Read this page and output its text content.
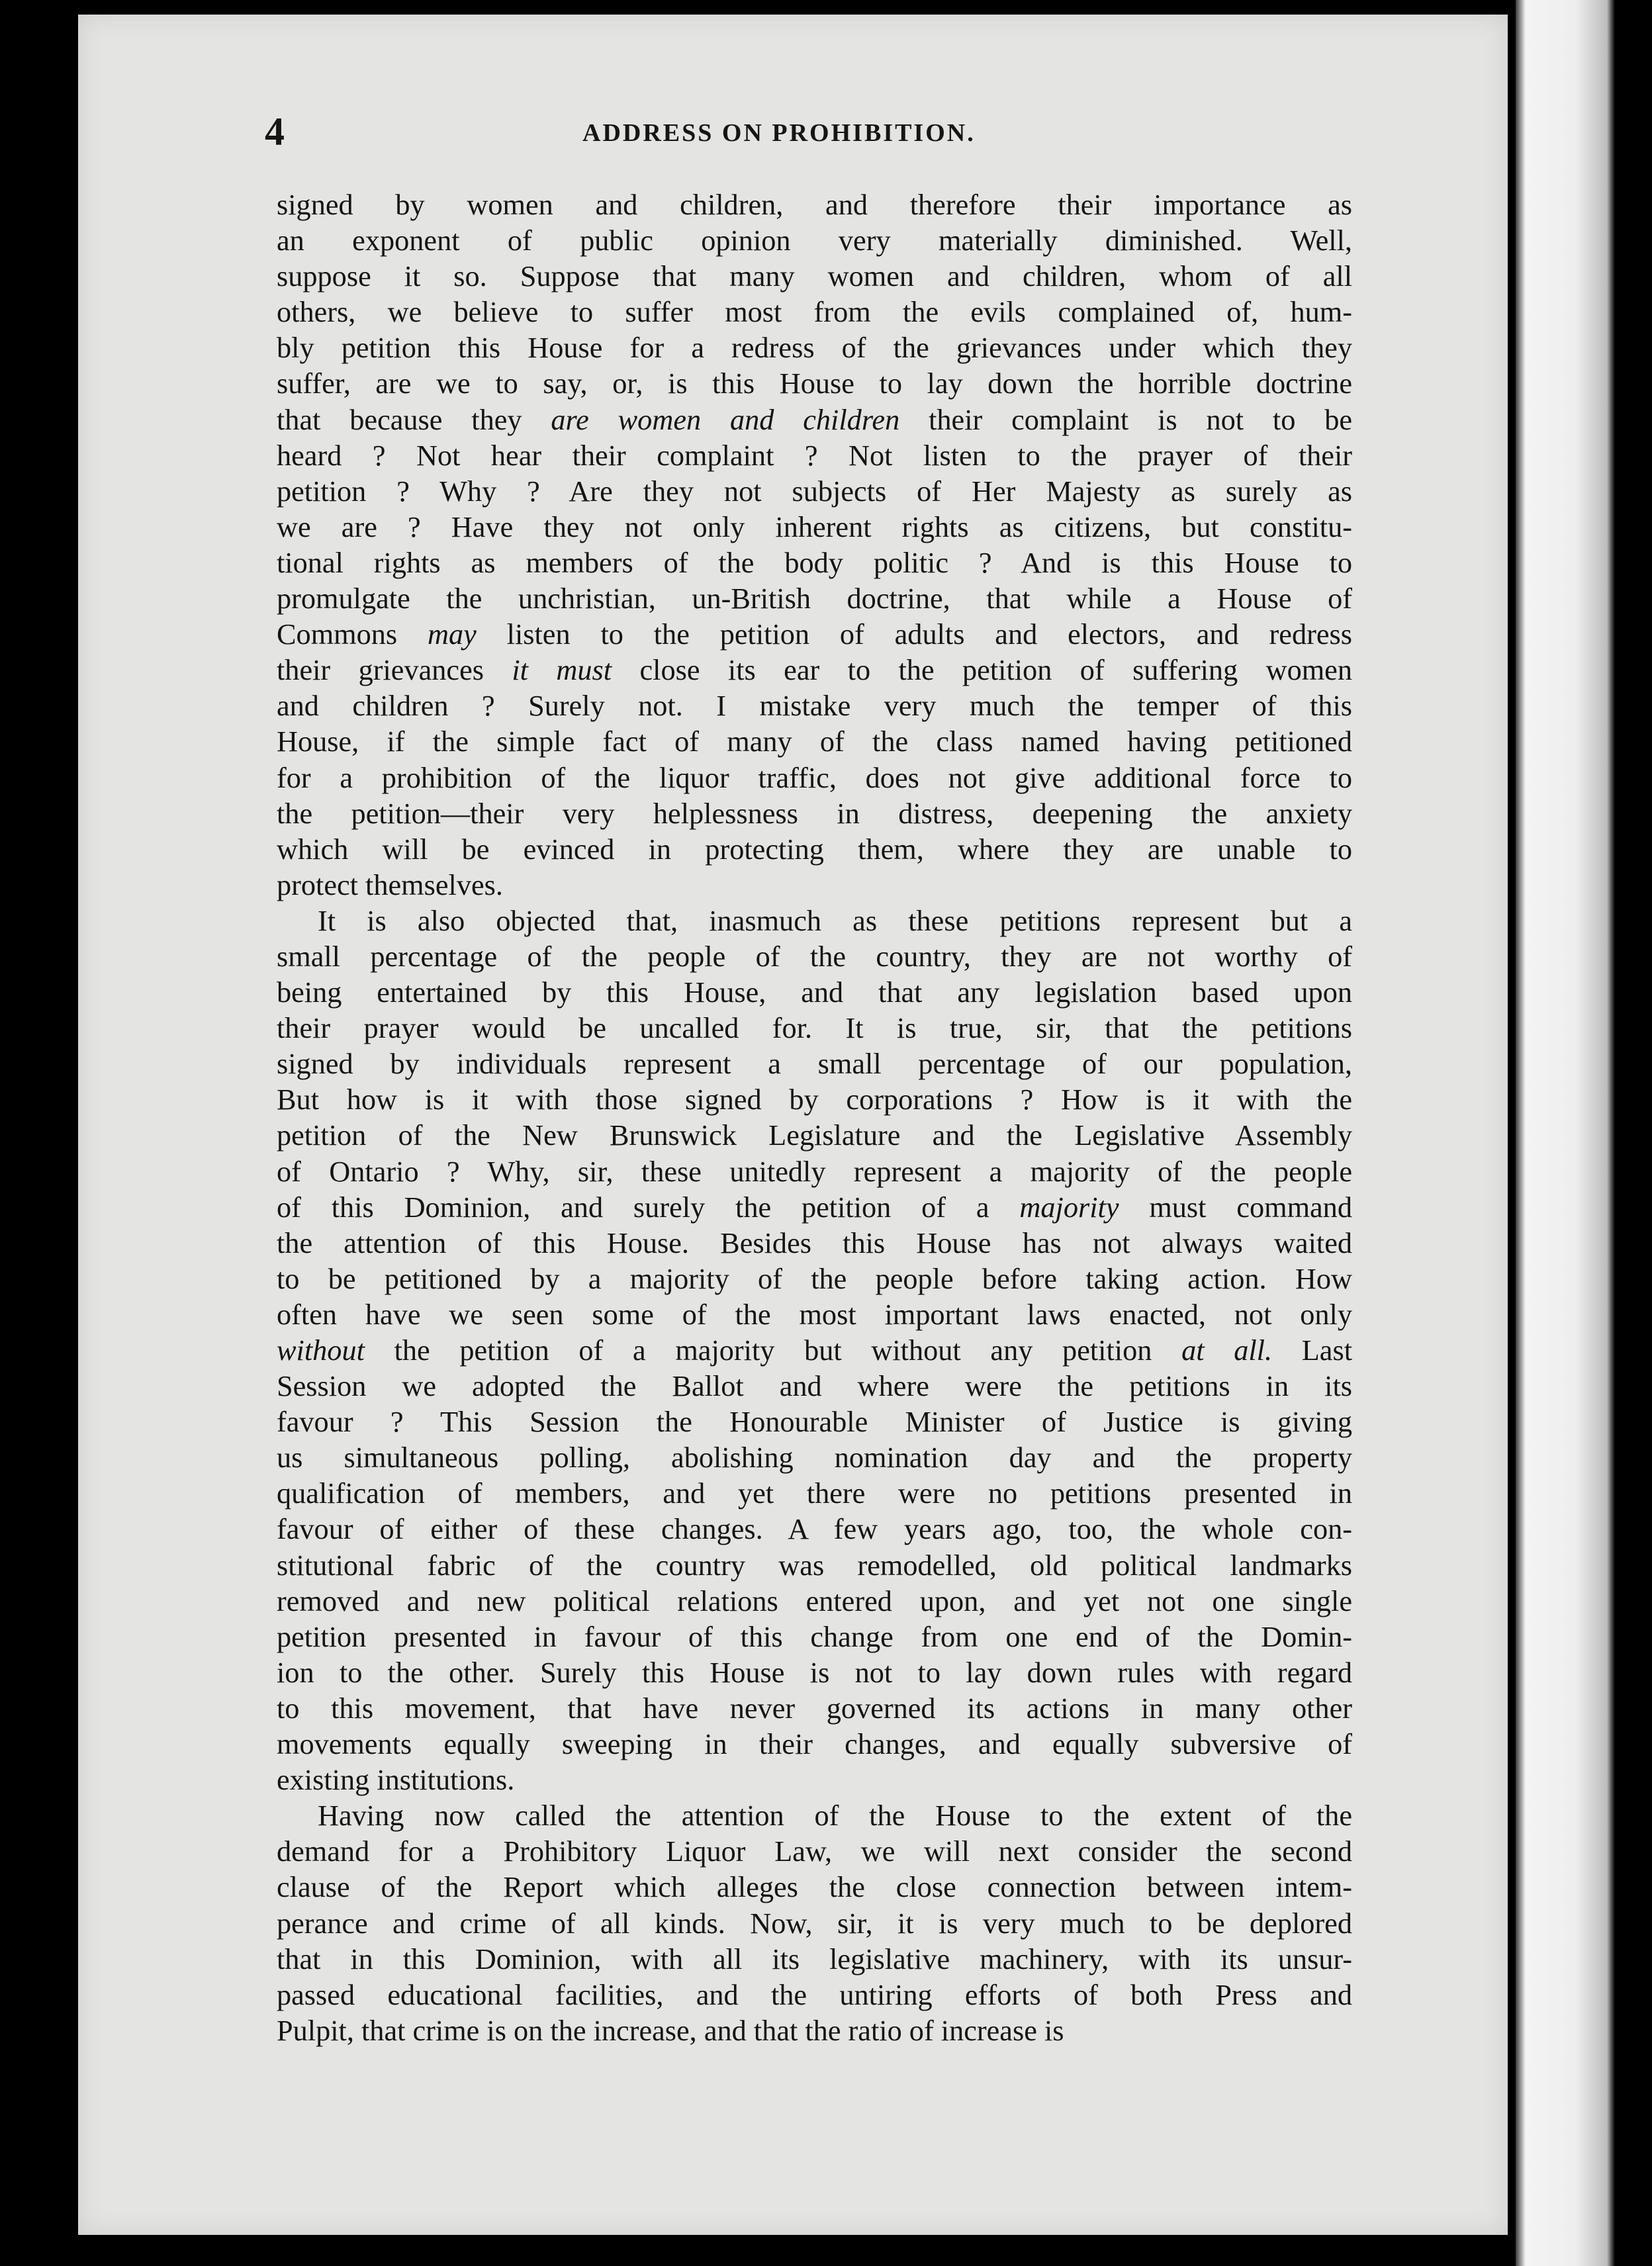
4	ADDRESS ON PROHIBITION.
signed by women and children, and therefore their importance as
an exponent of public opinion very materially diminished. Well,
suppose it so. Suppose that many women and children, whom of all
others, we believe to suffer most from the evils complained of, hum-
bly petition this House for a redress of the grievances under which they
suffer, are we to say, or, is this House to lay down the horrible doctrine
that because they are women and children their complaint is not to be
heard ? Not hear their complaint ? Not listen to the prayer of their
petition ? Why ? Are they not subjects of Her Majesty as surely as
we are ? Have they not only inherent rights as citizens, but constitu-
tional rights as members of the body politic ? And is this House to
promulgate the unchristian, un-British doctrine, that while a House of
Commons may listen to the petition of adults and electors, and redress
their grievances it must close its ear to the petition of suffering women
and children ? Surely not. I mistake very much the temper of this
House, if the simple fact of many of the class named having petitioned
for a prohibition of the liquor traffic, does not give additional force to
the petition—their very helplessness in distress, deepening the anxiety
which will be evinced in protecting them, where they are unable to
protect themselves.
It is also objected that, inasmuch as these petitions represent but a
small percentage of the people of the country, they are not worthy of
being entertained by this House, and that any legislation based upon
their prayer would be uncalled for. It is true, sir, that the petitions
signed by individuals represent a small percentage of our population,
But how is it with those signed by corporations ? How is it with the
petition of the New Brunswick Legislature and the Legislative Assembly
of Ontario ? Why, sir, these unitedly represent a majority of the people
of this Dominion, and surely the petition of a majority must command
the attention of this House. Besides this House has not always waited
to be petitioned by a majority of the people before taking action. How
often have we seen some of the most important laws enacted, not only
without the petition of a majority but without any petition at all. Last
Session we adopted the Ballot and where were the petitions in its
favour ? This Session the Honourable Minister of Justice is giving
us simultaneous polling, abolishing nomination day and the property
qualification of members, and yet there were no petitions presented in
favour of either of these changes. A few years ago, too, the whole con-
stitutional fabric of the country was remodelled, old political landmarks
removed and new political relations entered upon, and yet not one single
petition presented in favour of this change from one end of the Domin-
ion to the other. Surely this House is not to lay down rules with regard
to this movement, that have never governed its actions in many other
movements equally sweeping in their changes, and equally subversive of
existing institutions.
Having now called the attention of the House to the extent of the
demand for a Prohibitory Liquor Law, we will next consider the second
clause of the Report which alleges the close connection between intem-
perance and crime of all kinds. Now, sir, it is very much to be deplored
that in this Dominion, with all its legislative machinery, with its unsur-
passed educational facilities, and the untiring efforts of both Press and
Pulpit, that crime is on the increase, and that the ratio of increase is
